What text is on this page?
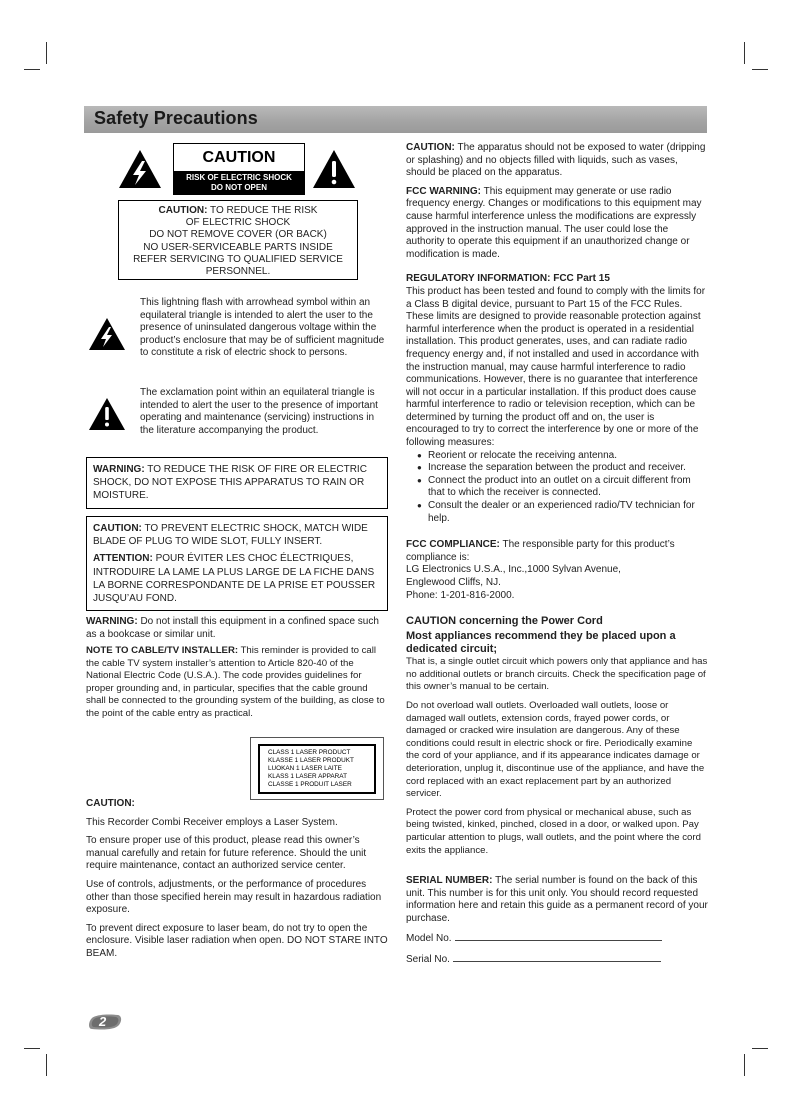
Safety Precautions
CAUTION
RISK OF ELECTRIC SHOCK
DO NOT OPEN
CAUTION: TO REDUCE THE RISK
OF ELECTRIC SHOCK
DO NOT REMOVE COVER (OR BACK)
NO USER-SERVICEABLE PARTS INSIDE
REFER SERVICING TO QUALIFIED SERVICE
PERSONNEL.
This lightning flash with arrowhead symbol within an equilateral triangle is intended to alert the user to the presence of uninsulated dangerous voltage within the product’s enclosure that may be of sufficient magnitude to constitute a risk of electric shock to persons.
The exclamation point within an equilateral triangle is intended to alert the user to the presence of important operating and maintenance (servicing) instructions in the literature accompanying the product.
WARNING: TO REDUCE THE RISK OF FIRE OR ELECTRIC SHOCK, DO NOT EXPOSE THIS APPARATUS TO RAIN OR MOISTURE.
CAUTION: TO PREVENT ELECTRIC SHOCK, MATCH WIDE BLADE OF PLUG TO WIDE SLOT, FULLY INSERT.
ATTENTION: POUR ÉVITER LES CHOC ÉLECTRIQUES, INTRODUIRE LA LAME LA PLUS LARGE DE LA FICHE DANS LA BORNE CORRESPONDANTE DE LA PRISE ET POUSSER JUSQU’AU FOND.
WARNING: Do not install this equipment in a confined space such as a bookcase or similar unit.
NOTE TO CABLE/TV INSTALLER: This reminder is provided to call the cable TV system installer’s attention to Article 820-40 of the National Electric Code (U.S.A.). The code provides guidelines for proper grounding and, in particular, specifies that the cable ground shall be connected to the grounding system of the building, as close to the point of the cable entry as practical.
CLASS 1 LASER PRODUCT
KLASSE 1 LASER PRODUKT
LUOKAN 1 LASER LAITE
KLASS 1 LASER APPARAT
CLASSE 1 PRODUIT LASER
CAUTION:

This Recorder Combi Receiver employs a Laser System.

To ensure proper use of this product, please read this owner’s manual carefully and retain for future reference. Should the unit require maintenance, contact an authorized service center.

Use of controls, adjustments, or the performance of procedures other than those specified herein may result in hazardous radiation exposure.

To prevent direct exposure to laser beam, do not try to open the enclosure. Visible laser radiation when open. DO NOT STARE INTO BEAM.

CAUTION: The apparatus should not be exposed to water (dripping or splashing) and no objects filled with liquids, such as vases, should be placed on the apparatus.

FCC WARNING: This equipment may generate or use radio frequency energy. Changes or modifications to this equipment may cause harmful interference unless the modifications are expressly approved in the instruction manual. The user could lose the authority to operate this equipment if an unauthorized change or modification is made.

REGULATORY INFORMATION: FCC Part 15

This product has been tested and found to comply with the limits for a Class B digital device, pursuant to Part 15 of the FCC Rules. These limits are designed to provide reasonable protection against harmful interference when the product is operated in a residential installation. This product generates, uses, and can radiate radio frequency energy and, if not installed and used in accordance with the instruction manual, may cause harmful interference to radio communications. However, there is no guarantee that interference will not occur in a particular installation. If this product does cause harmful interference to radio or television reception, which can be determined by turning the product off and on, the user is encouraged to try to correct the interference by one or more of the following measures:

● Reorient or relocate the receiving antenna.
● Increase the separation between the product and receiver.
● Connect the product into an outlet on a circuit different from that to which the receiver is connected.
● Consult the dealer or an experienced radio/TV technician for help.

FCC COMPLIANCE: The responsible party for this product’s compliance is:

LG Electronics U.S.A., Inc.,1000 Sylvan Avenue,

Englewood Cliffs, NJ.

Phone: 1-201-816-2000.

CAUTION concerning the Power Cord
Most appliances recommend they be placed upon a dedicated circuit;

That is, a single outlet circuit which powers only that appliance and has no additional outlets or branch circuits. Check the specification page of this owner’s manual to be certain.

Do not overload wall outlets. Overloaded wall outlets, loose or damaged wall outlets, extension cords, frayed power cords, or damaged or cracked wire insulation are dangerous. Any of these conditions could result in electric shock or fire. Periodically examine the cord of your appliance, and if its appearance indicates damage or deterioration, unplug it, discontinue use of the appliance, and have the cord replaced with an exact replacement part by an authorized servicer.

Protect the power cord from physical or mechanical abuse, such as being twisted, kinked, pinched, closed in a door, or walked upon. Pay particular attention to plugs, wall outlets, and the point where the cord exits the appliance.

SERIAL NUMBER: The serial number is found on the back of this unit. This number is for this unit only. You should record requested information here and retain this guide as a permanent record of your purchase.

Model No.

Serial No.

2
